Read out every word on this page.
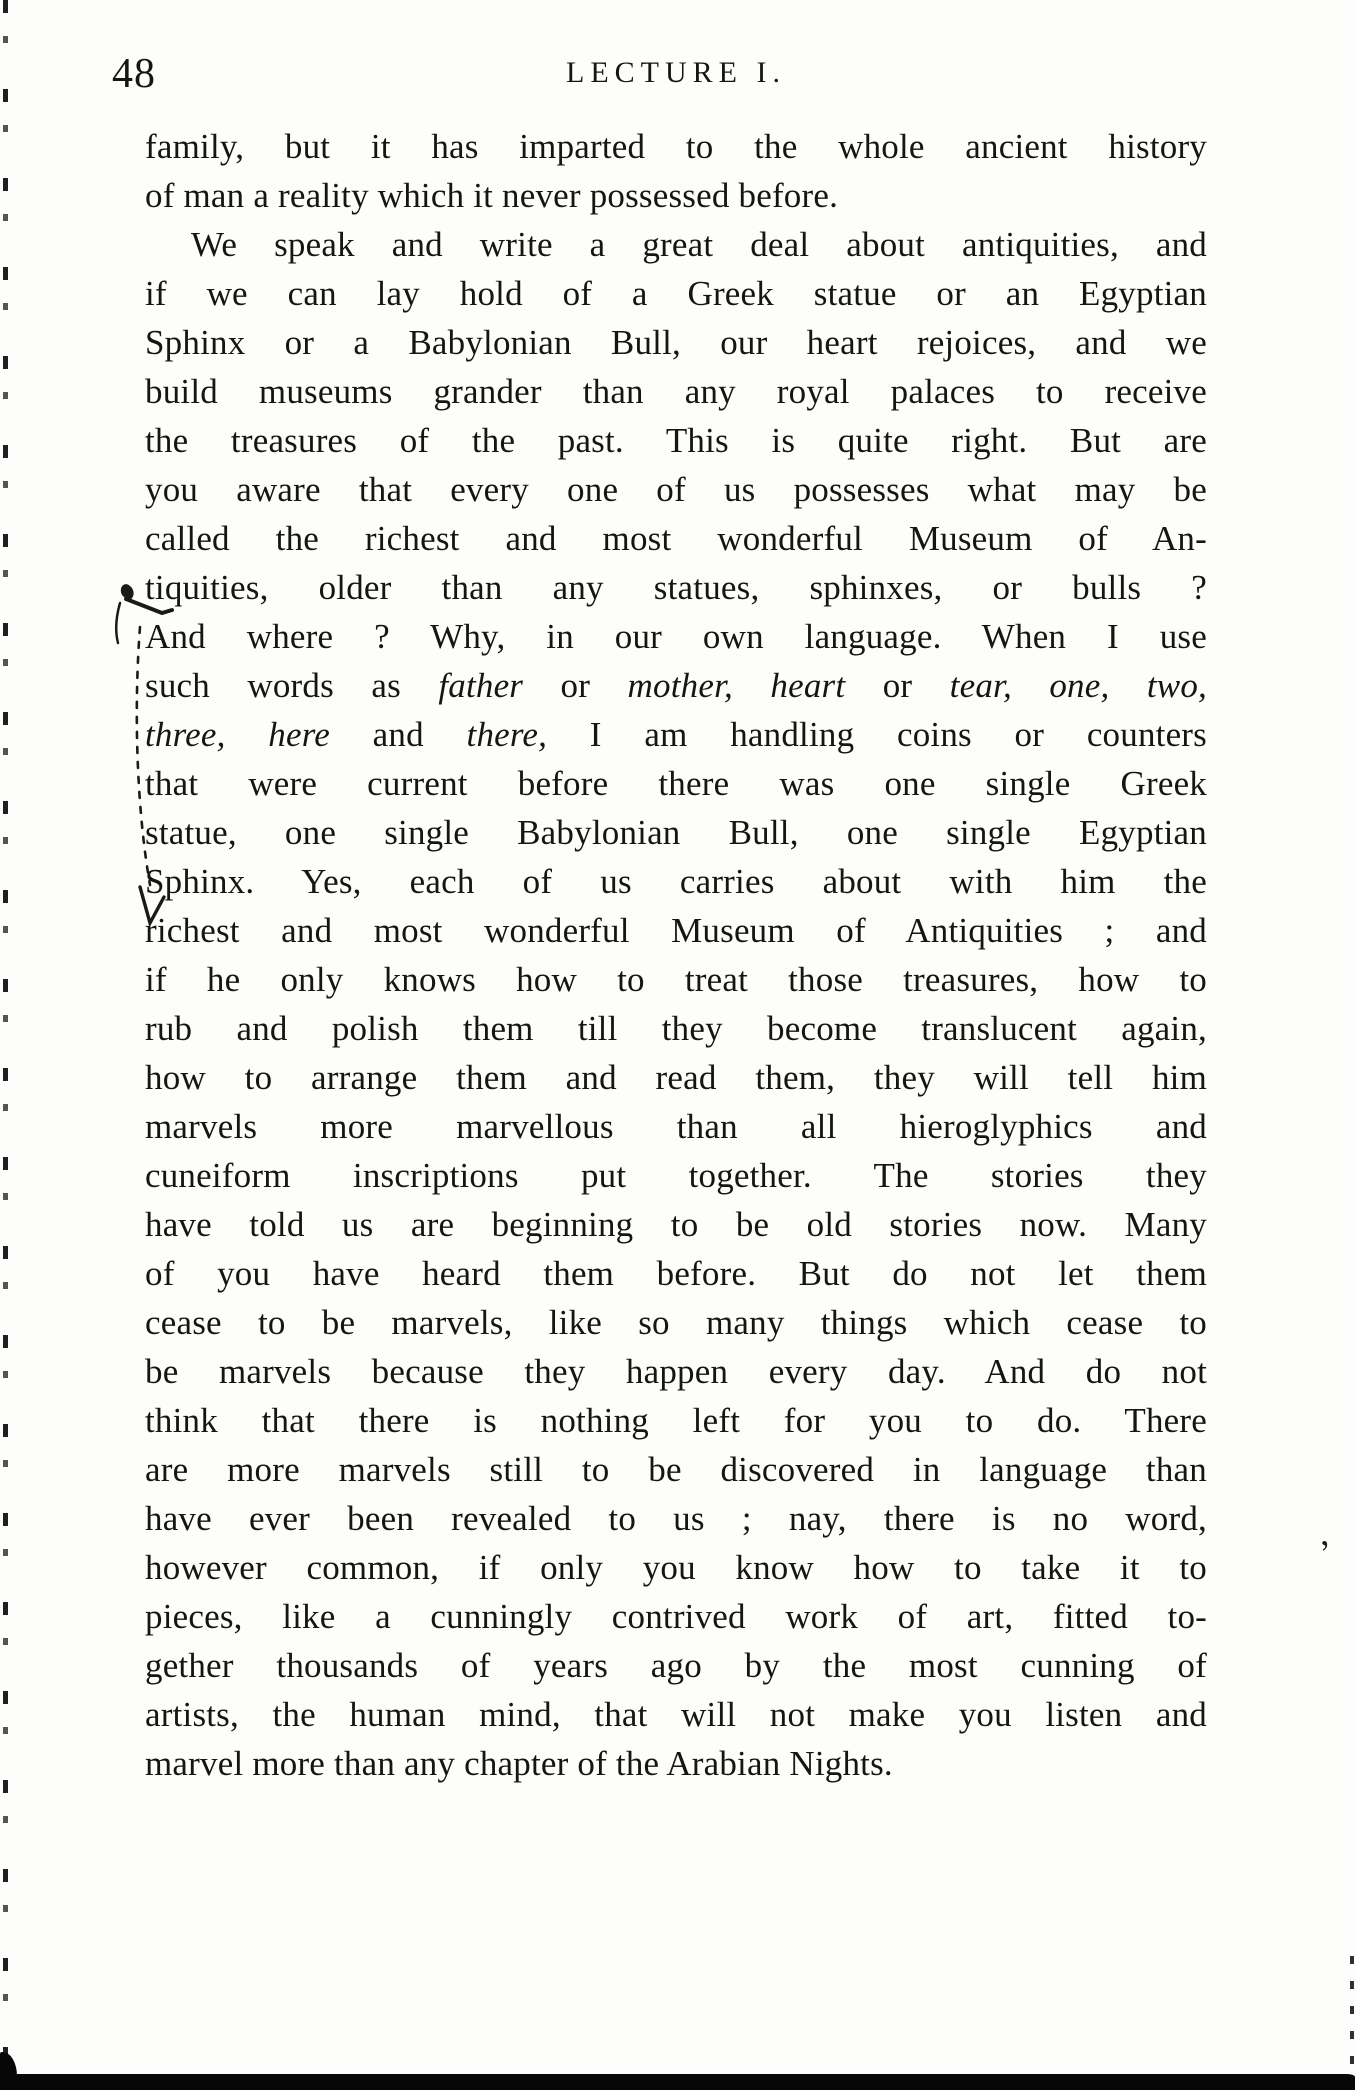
48	LECTURE I.
family, but it has imparted to the whole ancient history
of man a reality which it never possessed before.
We speak and write a great deal about antiquities, and
if we can lay hold of a Greek statue or an Egyptian
Sphinx or a Babylonian Bull, our heart rejoices, and we
build museums grander than any royal palaces to receive
the treasures of the past. This is quite right. But are
you aware that every one of us possesses what may be
called the richest and most wonderful Museum of An-
tiquities, older than any statues, sphinxes, or bulls ?
And where ? Why, in our own language. When I use
such words as father or mother, heart or tear, one, two,
three, here and there, I am handling coins or counters
that were current before there was one single Greek
statue, one single Babylonian Bull, one single Egyptian
Sphinx. Yes, each of us carries about with him the
richest and most wonderful Museum of Antiquities ; and
if he only knows how to treat those treasures, how to
rub and polish them till they become translucent again,
how to arrange them and read them, they will tell him
marvels more marvellous than all hieroglyphics and
cuneiform inscriptions put together. The stories they
have told us are beginning to be old stories now. Many
of you have heard them before. But do not let them
cease to be marvels, like so many things which cease to
be marvels because they happen every day. And do not
think that there is nothing left for you to do. There
are more marvels still to be discovered in language than
have ever been revealed to us ; nay, there is no word,
however common, if only you know how to take it to
pieces, like a cunningly contrived work of art, fitted to-
gether thousands of years ago by the most cunning of
artists, the human mind, that will not make you listen and
marvel more than any chapter of the Arabian Nights.
,
